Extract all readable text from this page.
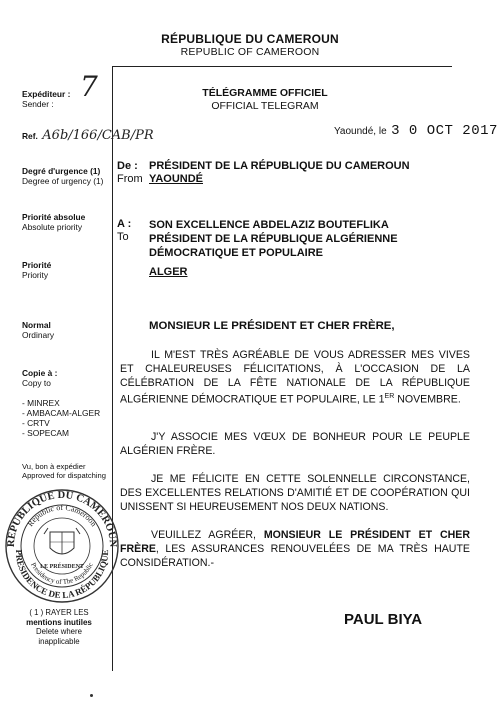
RÉPUBLIQUE DU CAMEROUN
REPUBLIC OF CAMEROON
TÉLÉGRAMME OFFICIEL
OFFICIAL TELEGRAM
Expéditeur :
Sender :
7
Ref. A6b/166/CAB/PR
Degré d'urgence (1)
Degree of urgency (1)
Priorité absolue
Absolute priority
Priorité
Priority
Normal
Ordinary
Copie à :
Copy to
- MINREX
- AMBACAM-ALGER
- CRTV
- SOPECAM
Vu, bon à expédier
Approved for dispatching
REPUBLIQUE DU CAMEROUN
PRÉSIDENCE DE LA RÉPUBLIQUE
Republic of Cameroon
Presidency of The Republic
LE PRÉSIDENT
( 1 ) RAYER LES
mentions inutiles
Delete where
inapplicable
Yaoundé, le 3 0 OCT 2017
De :
From
PRÉSIDENT DE LA RÉPUBLIQUE DU CAMEROUN
YAOUNDÉ
A :
To
SON EXCELLENCE ABDELAZIZ BOUTEFLIKA
PRÉSIDENT DE LA RÉPUBLIQUE ALGÉRIENNE
DÉMOCRATIQUE ET POPULAIRE
ALGER
MONSIEUR LE PRÉSIDENT ET CHER FRÈRE,
IL M'EST TRÈS AGRÉABLE DE VOUS ADRESSER MES VIVES ET CHALEUREUSES FÉLICITATIONS, À L'OCCASION DE LA CÉLÉBRATION DE LA FÊTE NATIONALE DE LA RÉPUBLIQUE ALGÉRIENNE DÉMOCRATIQUE ET POPULAIRE, LE 1ER NOVEMBRE.
J'Y ASSOCIE MES VŒUX DE BONHEUR POUR LE PEUPLE ALGÉRIEN FRÈRE.
JE ME FÉLICITE EN CETTE SOLENNELLE CIRCONSTANCE, DES EXCELLENTES RELATIONS D'AMITIÉ ET DE COOPÉRATION QUI UNISSENT SI HEUREUSEMENT NOS DEUX NATIONS.
VEUILLEZ AGRÉER, MONSIEUR LE PRÉSIDENT ET CHER FRÈRE, LES ASSURANCES RENOUVELÉES DE MA TRÈS HAUTE CONSIDÉRATION.-
PAUL BIYA
